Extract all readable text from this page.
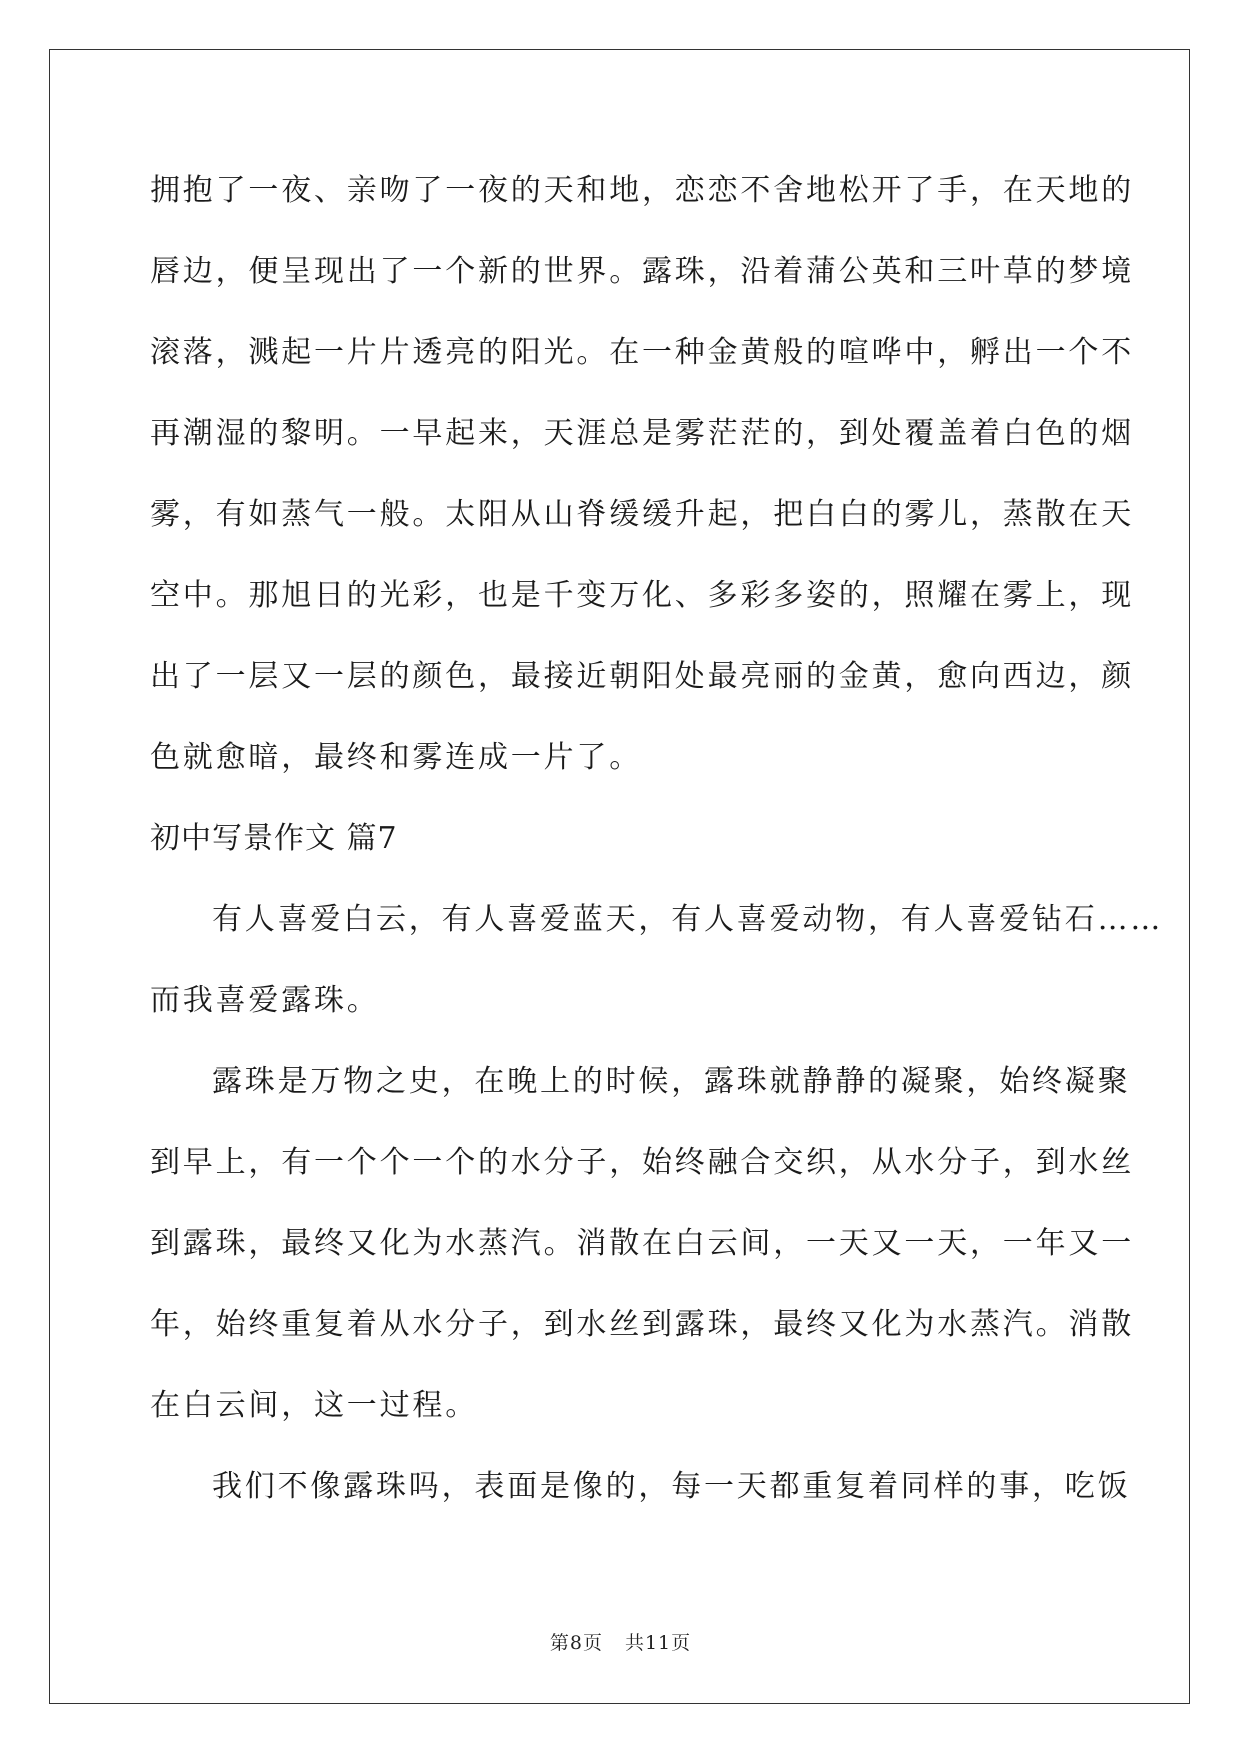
拥抱了一夜、亲吻了一夜的天和地，恋恋不舍地松开了手，在天地的
唇边，便呈现出了一个新的世界。露珠，沿着蒲公英和三叶草的梦境
滚落，溅起一片片透亮的阳光。在一种金黄般的喧哗中，孵出一个不
再潮湿的黎明。一早起来，天涯总是雾茫茫的，到处覆盖着白色的烟
雾，有如蒸气一般。太阳从山脊缓缓升起，把白白的雾儿，蒸散在天
空中。那旭日的光彩，也是千变万化、多彩多姿的，照耀在雾上，现
出了一层又一层的颜色，最接近朝阳处最亮丽的金黄，愈向西边，颜
色就愈暗，最终和雾连成一片了。

初中写景作文 篇7

有人喜爱白云，有人喜爱蓝天，有人喜爱动物，有人喜爱钻石……
而我喜爱露珠。

露珠是万物之史，在晚上的时候，露珠就静静的凝聚，始终凝聚
到早上，有一个个一个的水分子，始终融合交织，从水分子，到水丝
到露珠，最终又化为水蒸汽。消散在白云间，一天又一天，一年又一
年，始终重复着从水分子，到水丝到露珠，最终又化为水蒸汽。消散
在白云间，这一过程。

我们不像露珠吗，表面是像的，每一天都重复着同样的事，吃饭

第8页 共11页
